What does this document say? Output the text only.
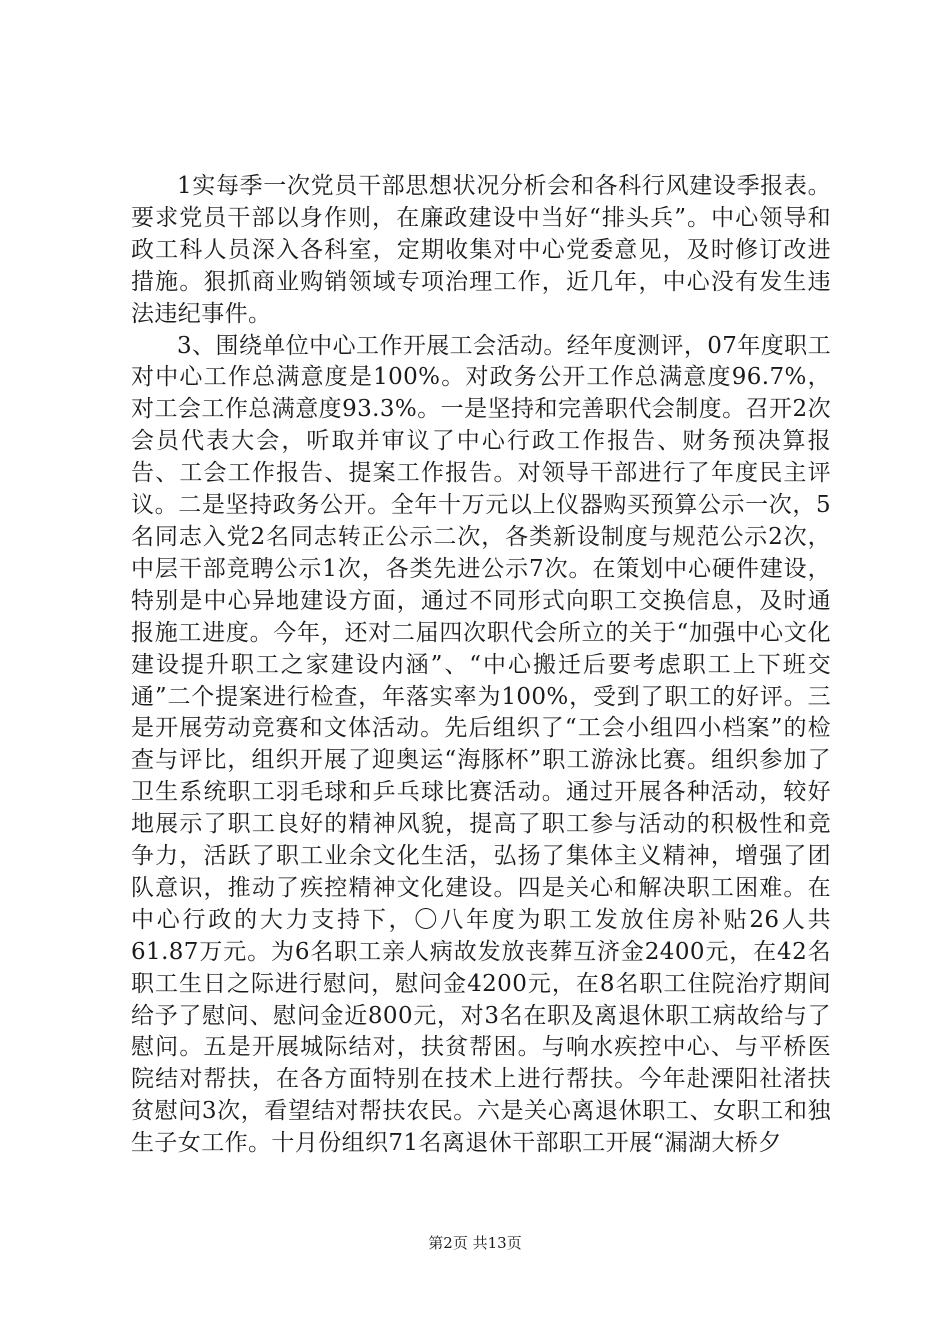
1实每季一次党员干部思想状况分析会和各科行风建设季报表。要求党员干部以身作则，在廉政建设中当好“排头兵”。中心领导和政工科人员深入各科室，定期收集对中心党委意见，及时修订改进措施。狠抓商业购销领域专项治理工作，近几年，中心没有发生违法违纪事件。

3、围绕单位中心工作开展工会活动。经年度测评，07年度职工对中心工作总满意度是100%。对政务公开工作总满意度96.7%，对工会工作总满意度93.3%。一是坚持和完善职代会制度。召开2次会员代表大会，听取并审议了中心行政工作报告、财务预决算报告、工会工作报告、提案工作报告。对领导干部进行了年度民主评议。二是坚持政务公开。全年十万元以上仪器购买预算公示一次，5名同志入党2名同志转正公示二次，各类新设制度与规范公示2次，中层干部竞聘公示1次，各类先进公示7次。在策划中心硬件建设，特别是中心异地建设方面，通过不同形式向职工交换信息，及时通报施工进度。今年，还对二届四次职代会所立的关于“加强中心文化建设提升职工之家建设内涵”、“中心搬迁后要考虑职工上下班交通”二个提案进行检查，年落实率为100%，受到了职工的好评。三是开展劳动竞赛和文体活动。先后组织了“工会小组四小档案”的检查与评比，组织开展了迎奥运“海豚杯”职工游泳比赛。组织参加了卫生系统职工羽毛球和乒乓球比赛活动。通过开展各种活动，较好地展示了职工良好的精神风貌，提高了职工参与活动的积极性和竞争力，活跃了职工业余文化生活，弘扬了集体主义精神，增强了团队意识，推动了疾控精神文化建设。四是关心和解决职工困难。在中心行政的大力支持下，〇八年度为职工发放住房补贴26人共61.87万元。为6名职工亲人病故发放丧葬互济金2400元，在42名职工生日之际进行慰问，慰问金4200元，在8名职工住院治疗期间给予了慰问、慰问金近800元，对3名在职及离退休职工病故给与了慰问。五是开展城际结对，扶贫帮困。与响水疾控中心、与平桥医院结对帮扶，在各方面特别在技术上进行帮扶。今年赴溧阳社渚扶贫慰问3次，看望结对帮扶农民。六是关心离退休职工、女职工和独生子女工作。十月份组织71名离退休干部职工开展“漏湖大桥夕

第2页 共13页
